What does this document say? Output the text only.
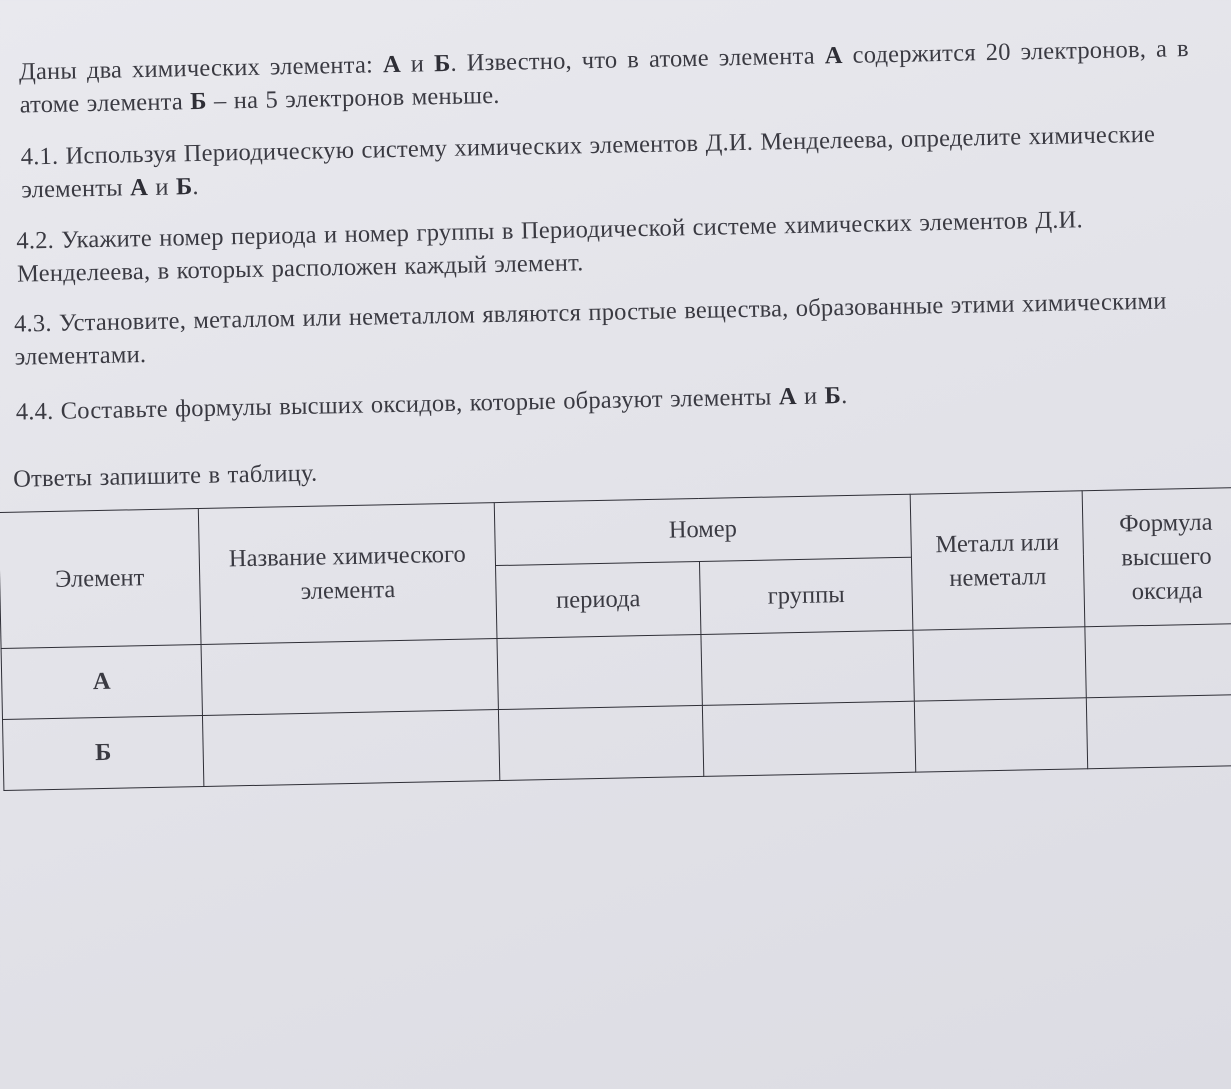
Даны два химических элемента: А и Б. Известно, что в атоме элемента А содержится 20 электронов, а в атоме элемента Б – на 5 электронов меньше.

4.1. Используя Периодическую систему химических элементов Д.И. Менделеева, определите химические элементы А и Б.

4.2. Укажите номер периода и номер группы в Периодической системе химических элементов Д.И. Менделеева, в которых расположен каждый элемент.

4.3. Установите, металлом или неметаллом являются простые вещества, образованные этими химическими элементами.

4.4. Составьте формулы высших оксидов, которые образуют элементы А и Б.

Ответы запишите в таблицу.

Элемент	Название химического элемента	Номер		Металл или неметалл	Формула высшего оксида
		периода	группы		
А					
Б					
